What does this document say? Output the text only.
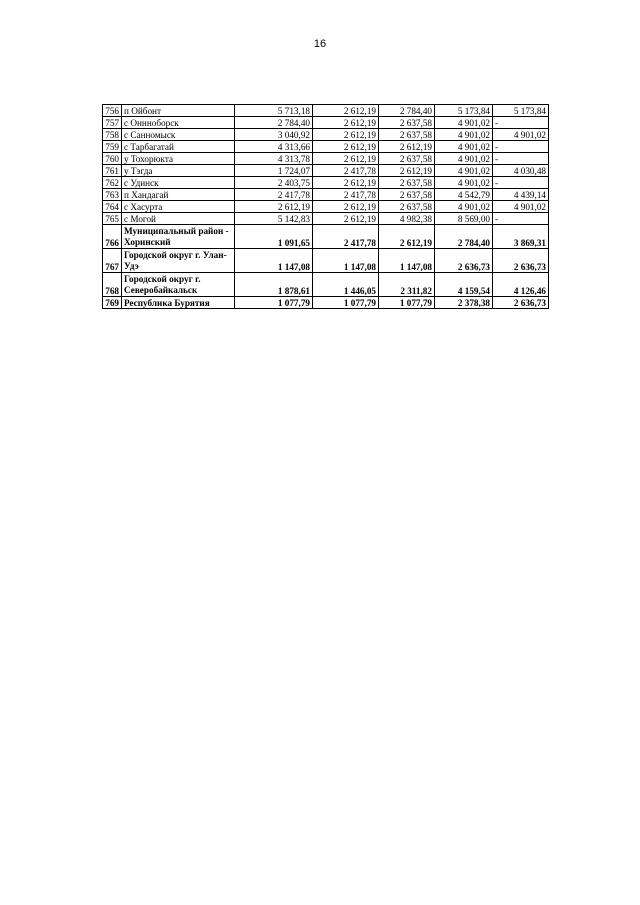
16
756	п Ойбонт	5 713,18	2 612,19	2 784,40	5 173,84	5 173,84
757	с Оннноборск	2 784,40	2 612,19	2 637,58	4 901,02	-
758	с Санномыск	3 040,92	2 612,19	2 637,58	4 901,02	4 901,02
759	с Тарбагатай	4 313,66	2 612,19	2 612,19	4 901,02	-
760	у Тохорюкта	4 313,78	2 612,19	2 637,58	4 901,02	-
761	у Тэгда	1 724,07	2 417,78	2 612,19	4 901,02	4 030,48
762	с Удинск	2 403,75	2 612,19	2 637,58	4 901,02	-
763	п Хандагай	2 417,78	2 417,78	2 637,58	4 542,79	4 439,14
764	с Хасурта	2 612,19	2 612,19	2 637,58	4 901,02	4 901,02
765	с Могой	5 142,83	2 612,19	4 982,38	8 569,00	-
766	Муниципальный район - Хоринский	1 091,65	2 417,78	2 612,19	2 784,40	3 869,31
767	Городской округ г. Улан-Удэ	1 147,08	1 147,08	1 147,08	2 636,73	2 636,73
768	Городской округ г. Северобайкальск	1 878,61	1 446,05	2 311,82	4 159,54	4 126,46
769	Республика Бурятия	1 077,79	1 077,79	1 077,79	2 378,38	2 636,73
